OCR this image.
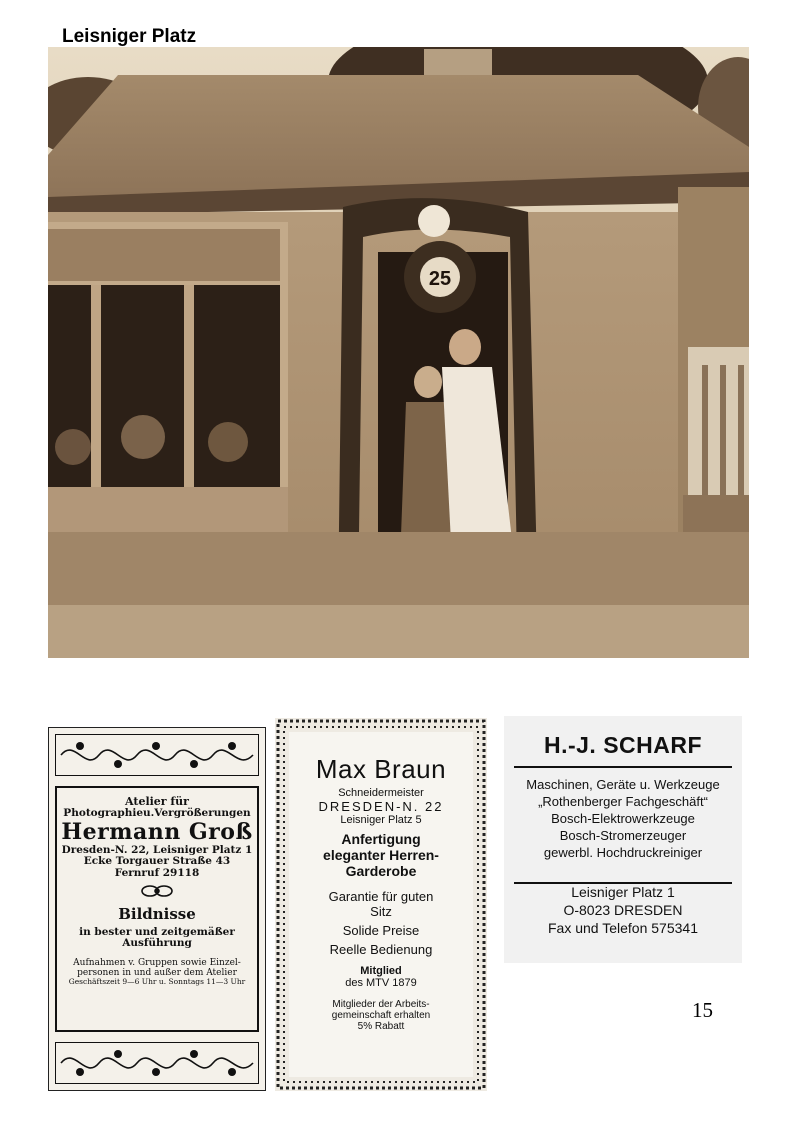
Leisniger Platz
25
Atelier für
Photographieu.Vergrößerungen
Hermann Groß
Dresden-N. 22, Leisniger Platz 1
Ecke Torgauer Straße 43
Fernruf 29118
Bildnisse
in bester und zeitgemäßer
Ausführung
Aufnahmen v. Gruppen sowie Einzel-
personen in und außer dem Atelier
Geschäftszeit 9—6 Uhr u. Sonntags 11—3 Uhr
Max Braun
Schneidermeister
DRESDEN-N. 22
Leisniger Platz 5
Anfertigung
eleganter Herren-
Garderobe
Garantie für guten
Sitz
Solide Preise
Reelle Bedienung
Mitglied
des MTV 1879
Mitglieder der Arbeits-
gemeinschaft erhalten
5% Rabatt
H.-J. SCHARF
Maschinen, Geräte u. Werkzeuge
„Rothenberger Fachgeschäft“
Bosch-Elektrowerkzeuge
Bosch-Stromerzeuger
gewerbl. Hochdruckreiniger
Leisniger Platz 1
O-8023 DRESDEN
Fax und Telefon 575341
15
